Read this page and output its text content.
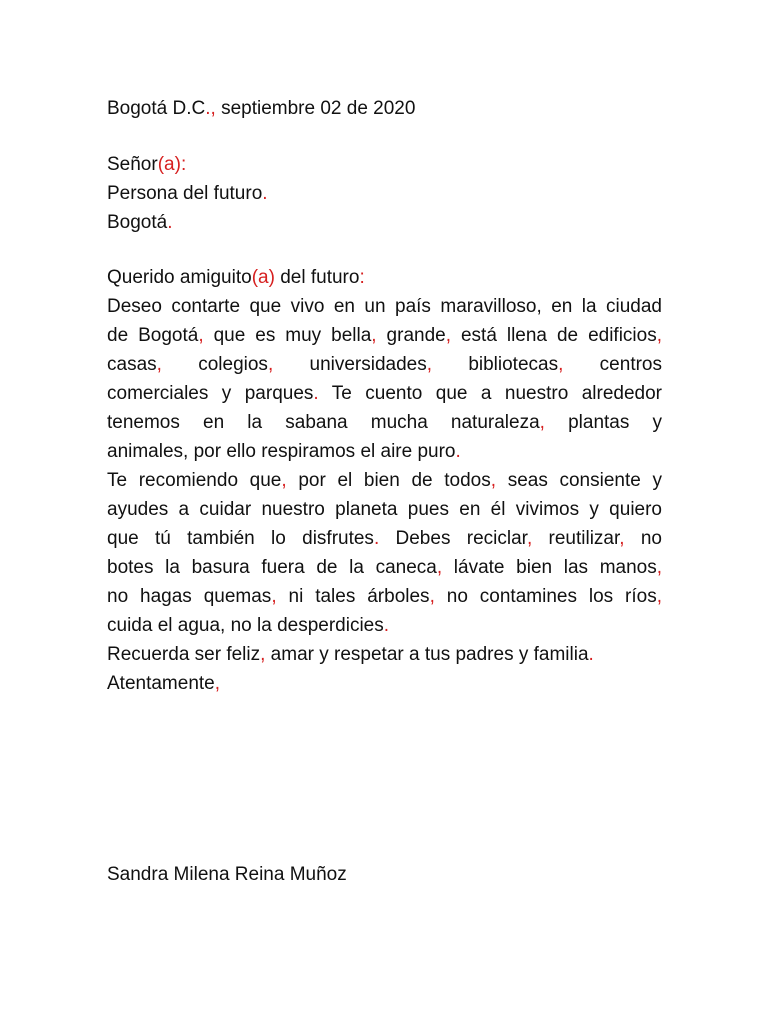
Bogotá D.C., septiembre 02 de 2020
Señor(a):
Persona del futuro.
Bogotá.
Querido amiguito(a) del futuro:
Deseo contarte que vivo en un país maravilloso, en la ciudad
de Bogotá, que es muy bella, grande, está llena de edificios,
casas, colegios, universidades, bibliotecas, centros
comerciales y parques. Te cuento que a nuestro alrededor
tenemos en la sabana mucha naturaleza, plantas y
animales, por ello respiramos el aire puro.
Te recomiendo que, por el bien de todos, seas consiente y
ayudes a cuidar nuestro planeta pues en él vivimos y quiero
que tú también lo disfrutes. Debes reciclar, reutilizar, no
botes la basura fuera de la caneca, lávate bien las manos,
no hagas quemas, ni tales árboles, no contamines los ríos,
cuida el agua, no la desperdicies.
Recuerda ser feliz, amar y respetar a tus padres y familia.
Atentamente,
Sandra Milena Reina Muñoz
